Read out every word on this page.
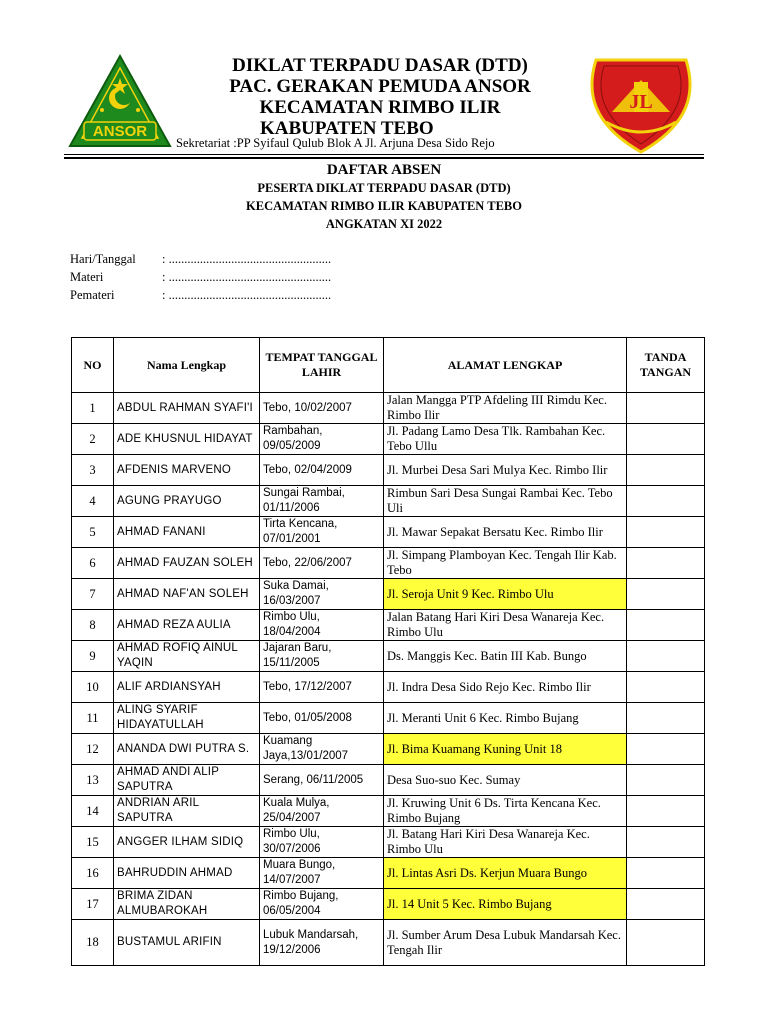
ANSOR
JL
DIKLAT TERPADU DASAR (DTD)
PAC. GERAKAN PEMUDA ANSOR
KECAMATAN RIMBO ILIR
KABUPATEN TEBO
Sekretariat :PP Syifaul Qulub Blok A Jl. Arjuna Desa Sido Rejo
DAFTAR ABSEN
PESERTA DIKLAT TERPADU DASAR (DTD)
KECAMATAN RIMBO ILIR KABUPATEN TEBO
ANGKATAN XI 2022
Hari/Tanggal	: ....................................................
Materi	: ....................................................
Pemateri	: ....................................................
NO	Nama Lengkap	TEMPAT TANGGAL LAHIR	ALAMAT LENGKAP	TANDA TANGAN
1	ABDUL RAHMAN SYAFI'I	Tebo, 10/02/2007	Jalan Mangga PTP Afdeling III Rimdu Kec. Rimbo Ilir	
2	ADE KHUSNUL HIDAYAT	Rambahan, 09/05/2009	Jl. Padang Lamo Desa Tlk. Rambahan Kec. Tebo Ullu	
3	AFDENIS MARVENO	Tebo, 02/04/2009	Jl. Murbei Desa Sari Mulya Kec. Rimbo Ilir	
4	AGUNG PRAYUGO	Sungai Rambai, 01/11/2006	Rimbun Sari Desa Sungai Rambai Kec. Tebo Uli	
5	AHMAD FANANI	Tirta Kencana, 07/01/2001	Jl. Mawar Sepakat Bersatu Kec. Rimbo Ilir	
6	AHMAD FAUZAN SOLEH	Tebo, 22/06/2007	Jl. Simpang Plamboyan Kec. Tengah Ilir Kab. Tebo	
7	AHMAD NAF'AN SOLEH	Suka Damai, 16/03/2007	Jl. Seroja Unit 9 Kec. Rimbo Ulu	
8	AHMAD REZA AULIA	Rimbo Ulu, 18/04/2004	Jalan Batang Hari Kiri Desa Wanareja Kec. Rimbo Ulu	
9	AHMAD ROFIQ AINUL YAQIN	Jajaran Baru, 15/11/2005	Ds. Manggis Kec. Batin III Kab. Bungo	
10	ALIF ARDIANSYAH	Tebo, 17/12/2007	Jl. Indra Desa Sido Rejo Kec. Rimbo Ilir	
11	ALING SYARIF HIDAYATULLAH	Tebo, 01/05/2008	Jl. Meranti Unit 6 Kec. Rimbo Bujang	
12	ANANDA DWI PUTRA S.	Kuamang Jaya,13/01/2007	Jl. Bima Kuamang Kuning Unit 18	
13	AHMAD ANDI ALIP SAPUTRA	Serang, 06/11/2005	Desa Suo-suo Kec. Sumay	
14	ANDRIAN ARIL SAPUTRA	Kuala Mulya, 25/04/2007	Jl. Kruwing Unit 6 Ds. Tirta Kencana Kec. Rimbo Bujang	
15	ANGGER ILHAM SIDIQ	Rimbo Ulu, 30/07/2006	Jl. Batang Hari Kiri Desa Wanareja Kec. Rimbo Ulu	
16	BAHRUDDIN AHMAD	Muara Bungo, 14/07/2007	Jl. Lintas Asri Ds. Kerjun Muara Bungo	
17	BRIMA ZIDAN ALMUBAROKAH	Rimbo Bujang, 06/05/2004	Jl. 14 Unit 5 Kec. Rimbo Bujang	
18	BUSTAMUL ARIFIN	Lubuk Mandarsah, 19/12/2006	Jl. Sumber Arum Desa Lubuk Mandarsah Kec. Tengah Ilir	
